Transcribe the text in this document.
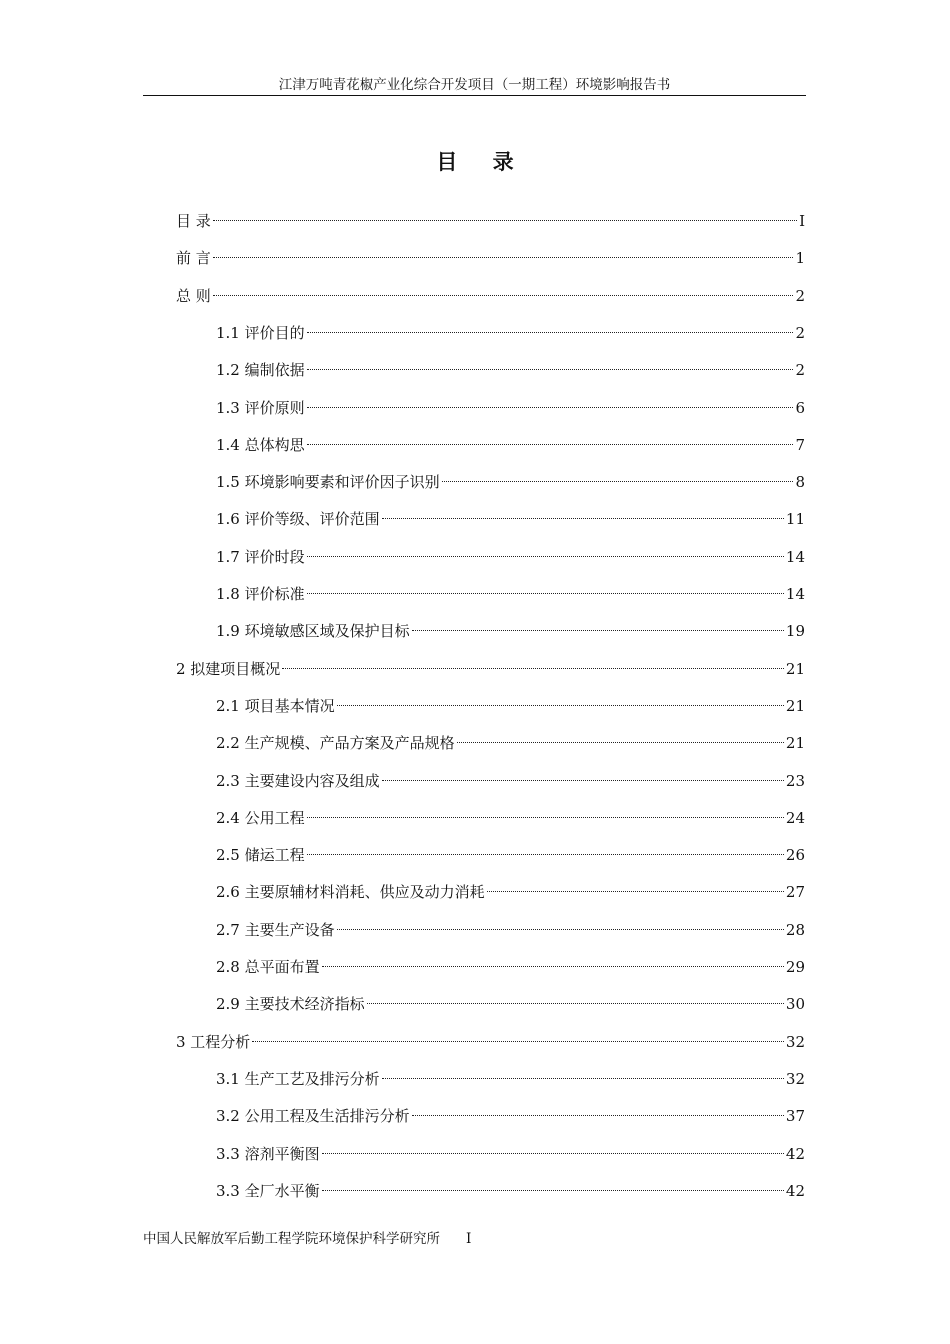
江津万吨青花椒产业化综合开发项目（一期工程）环境影响报告书
目 录
目 录	I
前 言	1
总 则	2
1.1 评价目的	2
1.2 编制依据	2
1.3 评价原则	6
1.4 总体构思	7
1.5 环境影响要素和评价因子识别	8
1.6 评价等级、评价范围	11
1.7 评价时段	14
1.8 评价标准	14
1.9 环境敏感区域及保护目标	19
2 拟建项目概况	21
2.1 项目基本情况	21
2.2 生产规模、产品方案及产品规格	21
2.3 主要建设内容及组成	23
2.4 公用工程	24
2.5 储运工程	26
2.6 主要原辅材料消耗、供应及动力消耗	27
2.7 主要生产设备	28
2.8 总平面布置	29
2.9 主要技术经济指标	30
3 工程分析	32
3.1 生产工艺及排污分析	32
3.2 公用工程及生活排污分析	37
3.3 溶剂平衡图	42
3.3 全厂水平衡	42
中国人民解放军后勤工程学院环境保护科学研究所 I
